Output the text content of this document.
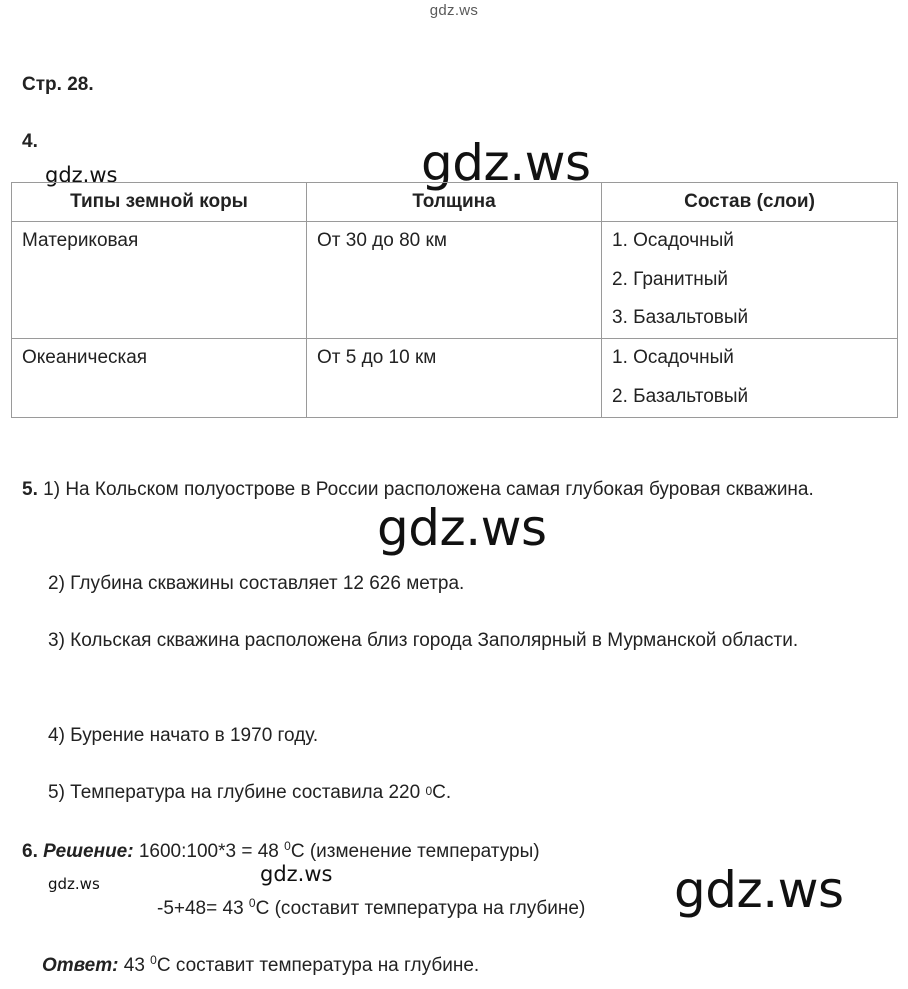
gdz.ws
Стр. 28.
4.	gdz.ws
gdz.ws
Типы земной коры	Толщина	Состав (слои)
Материковая	От 30 до 80 км	1. Осадочный
2. Гранитный
3. Базальтовый

Океаническая	От 5 до 10 км	1. Осадочный
2. Базальтовый
5. 1) На Кольском полуострове в России расположена самая глубокая буровая скважина.
gdz.ws
2) Глубина скважины составляет 12 626 метра.
3) Кольская скважина расположена близ города Заполярный в Мурманской области.
4) Бурение начато в 1970 году.
5) Температура на глубине составила 220 $^0$С.
6. Решение: 1600:100*3 = 48 $^0$С (изменение температуры)
gdz.ws	gdz.ws	gdz.ws
-5+48= 43 $^0$С (составит температура на глубине)
Ответ: 43 $^0$С составит температура на глубине.
